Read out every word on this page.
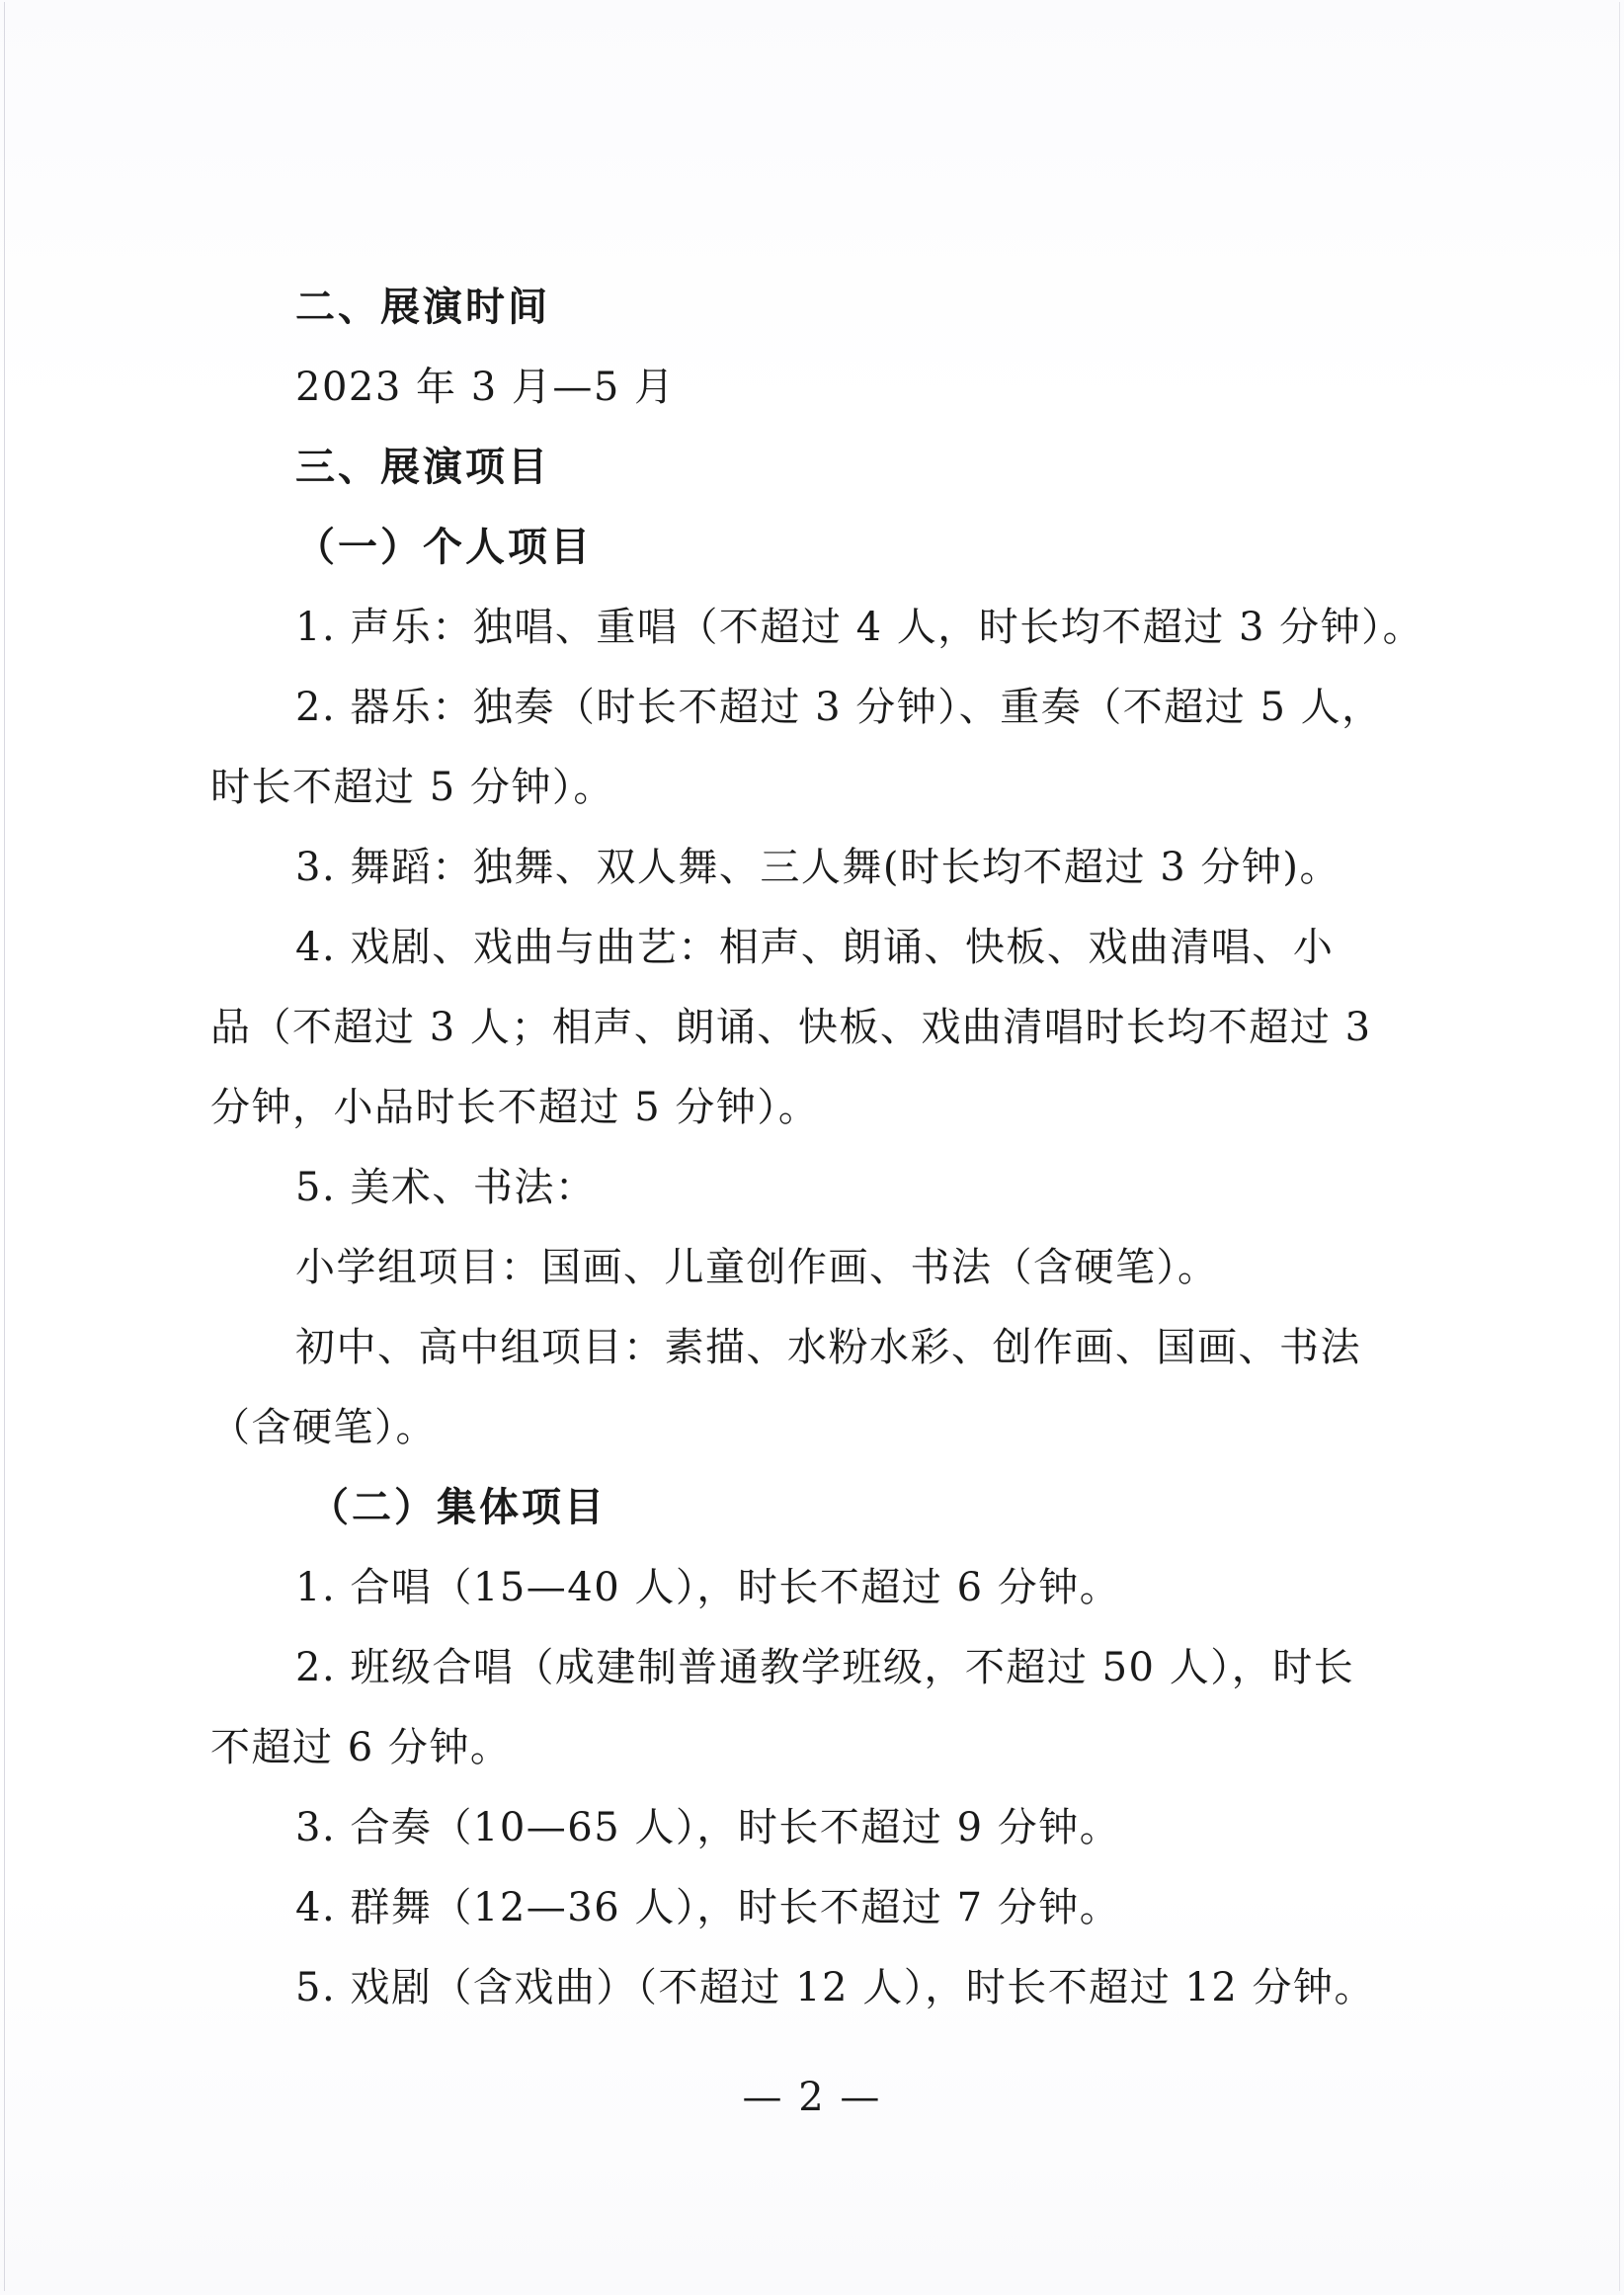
二、展演时间

2023 年 3 月—5 月

三、展演项目

（一）个人项目

1. 声乐：独唱、重唱（不超过 4 人，时长均不超过 3 分钟）。

2. 器乐：独奏（时长不超过 3 分钟）、重奏（不超过 5 人，

时长不超过 5 分钟）。

3. 舞蹈：独舞、双人舞、三人舞(时长均不超过 3 分钟)。

4. 戏剧、戏曲与曲艺：相声、朗诵、快板、戏曲清唱、小

品（不超过 3 人；相声、朗诵、快板、戏曲清唱时长均不超过 3

分钟，小品时长不超过 5 分钟）。

5. 美术、书法：

小学组项目：国画、儿童创作画、书法（含硬笔）。

初中、高中组项目：素描、水粉水彩、创作画、国画、书法

（含硬笔）。

（二）集体项目

1. 合唱（15—40 人），时长不超过 6 分钟。

2. 班级合唱（成建制普通教学班级，不超过 50 人），时长

不超过 6 分钟。

3. 合奏（10—65 人），时长不超过 9 分钟。

4. 群舞（12—36 人），时长不超过 7 分钟。

5. 戏剧（含戏曲）（不超过 12 人），时长不超过 12 分钟。

— 2 —
